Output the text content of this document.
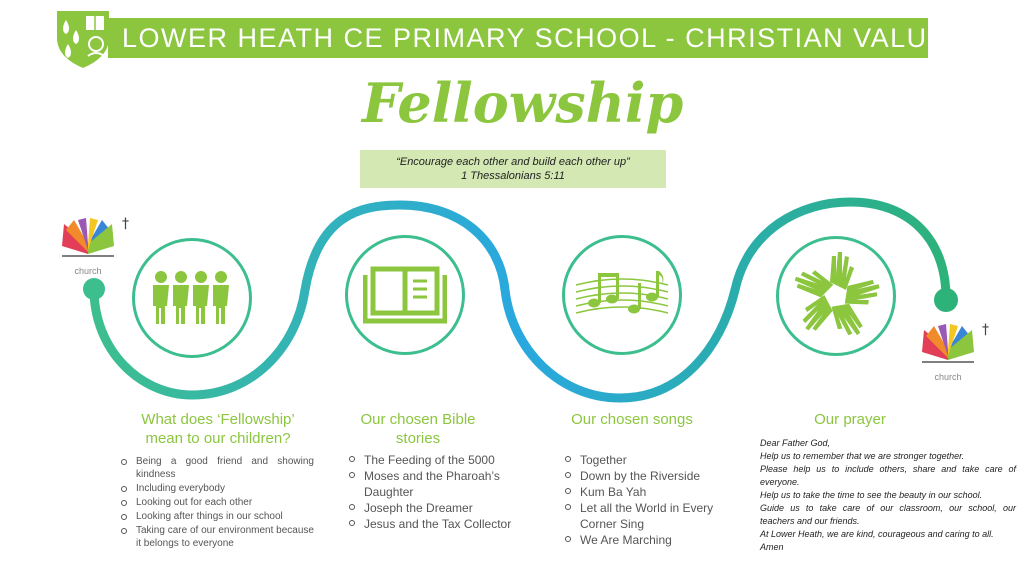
LOWER HEATH CE PRIMARY SCHOOL - CHRISTIAN VALUES
Fellowship
“Encourage each other and build each other up”
1 Thessalonians 5:11
†
church
†
church
What does ‘Fellowship’
mean to our children?
Being a good friend and showing kindness
Including everybody
Looking out for each other
Looking after things in our school
Taking care of our environment because it belongs to everyone
Our chosen Bible
stories
The Feeding of the 5000
Moses and the Pharoah’s Daughter
Joseph the Dreamer
Jesus and the Tax Collector
Our chosen songs
Together
Down by the Riverside
Kum Ba Yah
Let all the World in Every Corner Sing
We Are Marching
Our prayer
Dear Father God,
Help us to remember that we are stronger together.
Please help us to include others, share and take care of everyone.
Help us to take the time to see the beauty in our school.
Guide us to take care of our classroom, our school, our teachers and our friends.
At Lower Heath, we are kind, courageous and caring to all.
Amen
